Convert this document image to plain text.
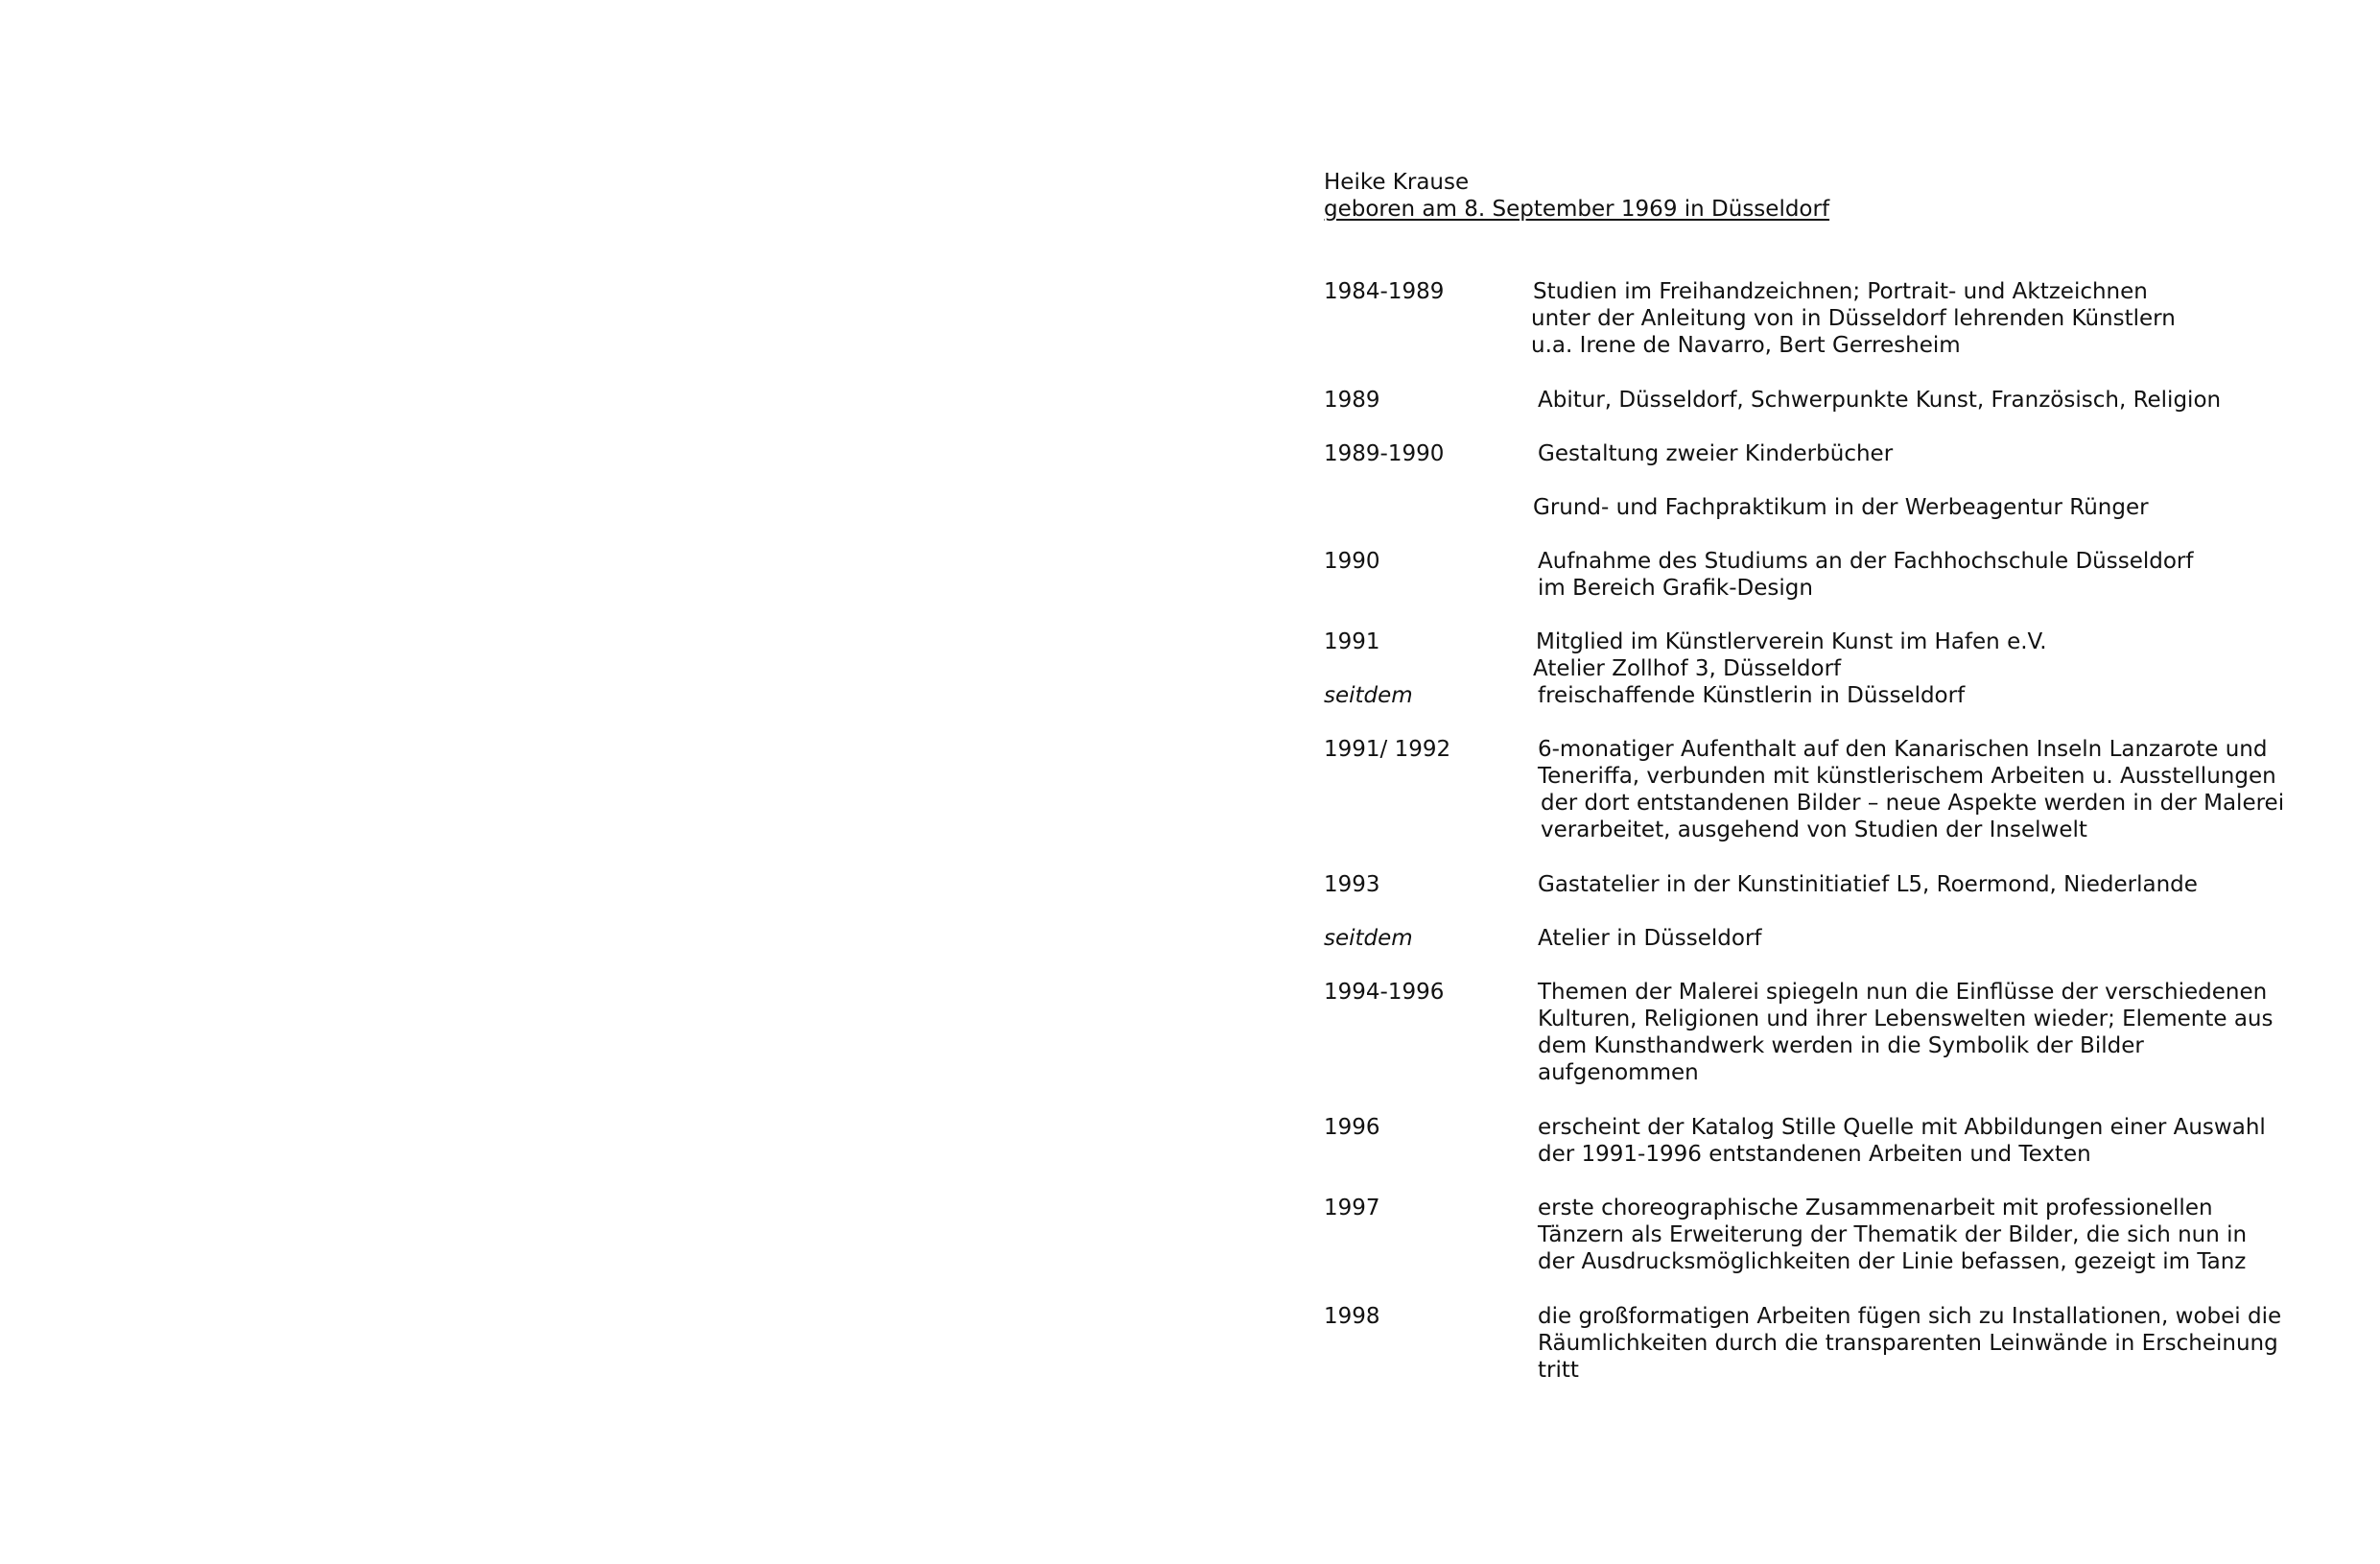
Heike Krause
geboren am 8. September 1969 in Düsseldorf
1984-1989	Studien im Freihandzeichnen; Portrait- und Aktzeichnen
unter der Anleitung von in Düsseldorf lehrenden Künstlern
u.a. Irene de Navarro, Bert Gerresheim
1989	Abitur, Düsseldorf, Schwerpunkte Kunst, Französisch, Religion
1989-1990	Gestaltung zweier Kinderbücher
Grund- und Fachpraktikum in der Werbeagentur Rünger
1990	Aufnahme des Studiums an der Fachhochschule Düsseldorf
im Bereich Grafik-Design
1991	Mitglied im Künstlerverein Kunst im Hafen e.V.
Atelier Zollhof 3, Düsseldorf
seitdem	freischaffende Künstlerin in Düsseldorf
1991/ 1992	6-monatiger Aufenthalt auf den Kanarischen Inseln Lanzarote und
Teneriffa, verbunden mit künstlerischem Arbeiten u. Ausstellungen
der dort entstandenen Bilder – neue Aspekte werden in der Malerei
verarbeitet, ausgehend von Studien der Inselwelt
1993	Gastatelier in der Kunstinitiatief L5, Roermond, Niederlande
seitdem	Atelier in Düsseldorf
1994-1996	Themen der Malerei spiegeln nun die Einflüsse der verschiedenen
Kulturen, Religionen und ihrer Lebenswelten wieder; Elemente aus
dem Kunsthandwerk werden in die Symbolik der Bilder
aufgenommen
1996	erscheint der Katalog Stille Quelle mit Abbildungen einer Auswahl
der 1991-1996 entstandenen Arbeiten und Texten
1997	erste choreographische Zusammenarbeit mit professionellen
Tänzern als Erweiterung der Thematik der Bilder, die sich nun in
der Ausdrucksmöglichkeiten der Linie befassen, gezeigt im Tanz
1998	die großformatigen Arbeiten fügen sich zu Installationen, wobei die
Räumlichkeiten durch die transparenten Leinwände in Erscheinung
tritt
